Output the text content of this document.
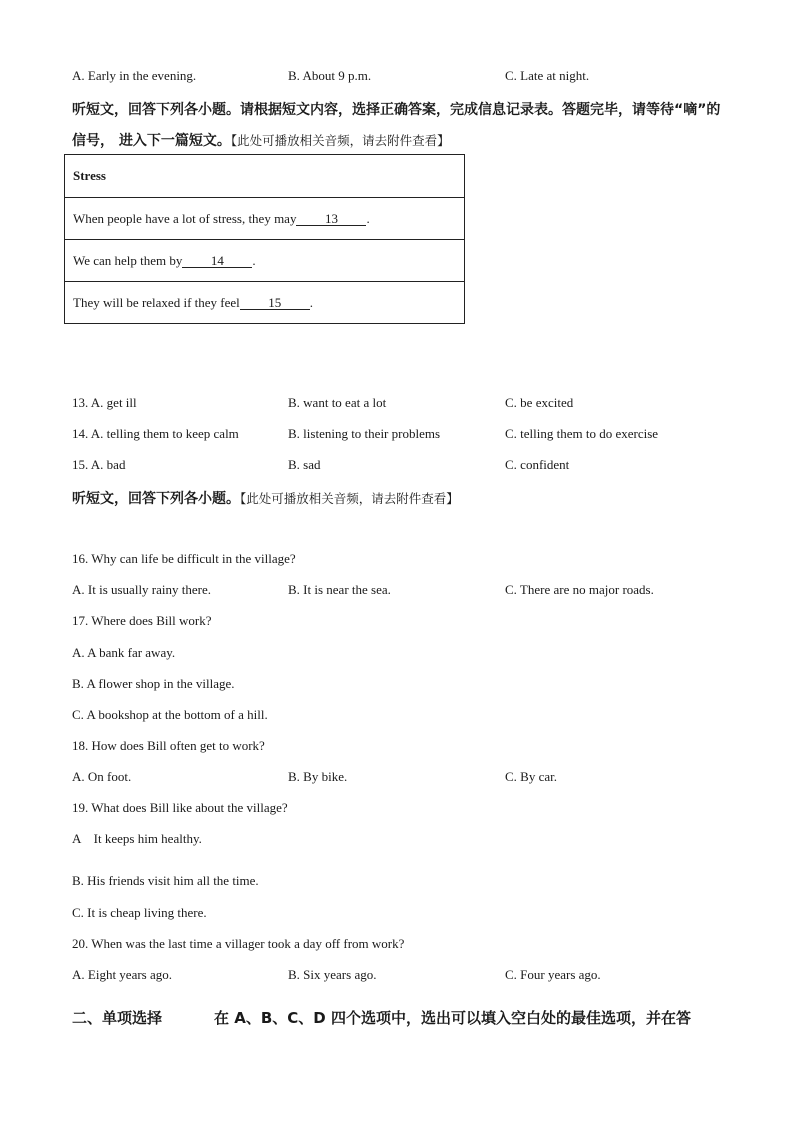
A. Early in the evening.	B. About 9 p.m.	C. Late at night.
听短文，回答下列各小题。请根据短文内容，选择正确答案，完成信息记录表。答题完毕，请等待“嘀”的
信号， 进入下一篇短文。【此处可播放相关音频，请去附件查看】
Stress
When people have a lot of stress, they may	13	.
We can help them by	14	.
They will be relaxed if they feel	15	.
13. A. get ill	B. want to eat a lot	C. be excited
14. A. telling them to keep calm	B. listening to their problems	C. telling them to do exercise
15. A. bad	B. sad	C. confident
听短文，回答下列各小题。【此处可播放相关音频，请去附件查看】
16. Why can life be difficult in the village?
A. It is usually rainy there.	B. It is near the sea.	C. There are no major roads.
17. Where does Bill work?
A. A bank far away.
B. A flower shop in the village.
C. A bookshop at the bottom of a hill.
18. How does Bill often get to work?
A. On foot.	B. By bike.	C. By car.
19. What does Bill like about the village?
A    It keeps him healthy.
B. His friends visit him all the time.
C. It is cheap living there.
20. When was the last time a villager took a day off from work?
A. Eight years ago.	B. Six years ago.	C. Four years ago.
二、单项选择	在 A、B、C、D 四个选项中，选出可以填入空白处的最佳选项，并在答
